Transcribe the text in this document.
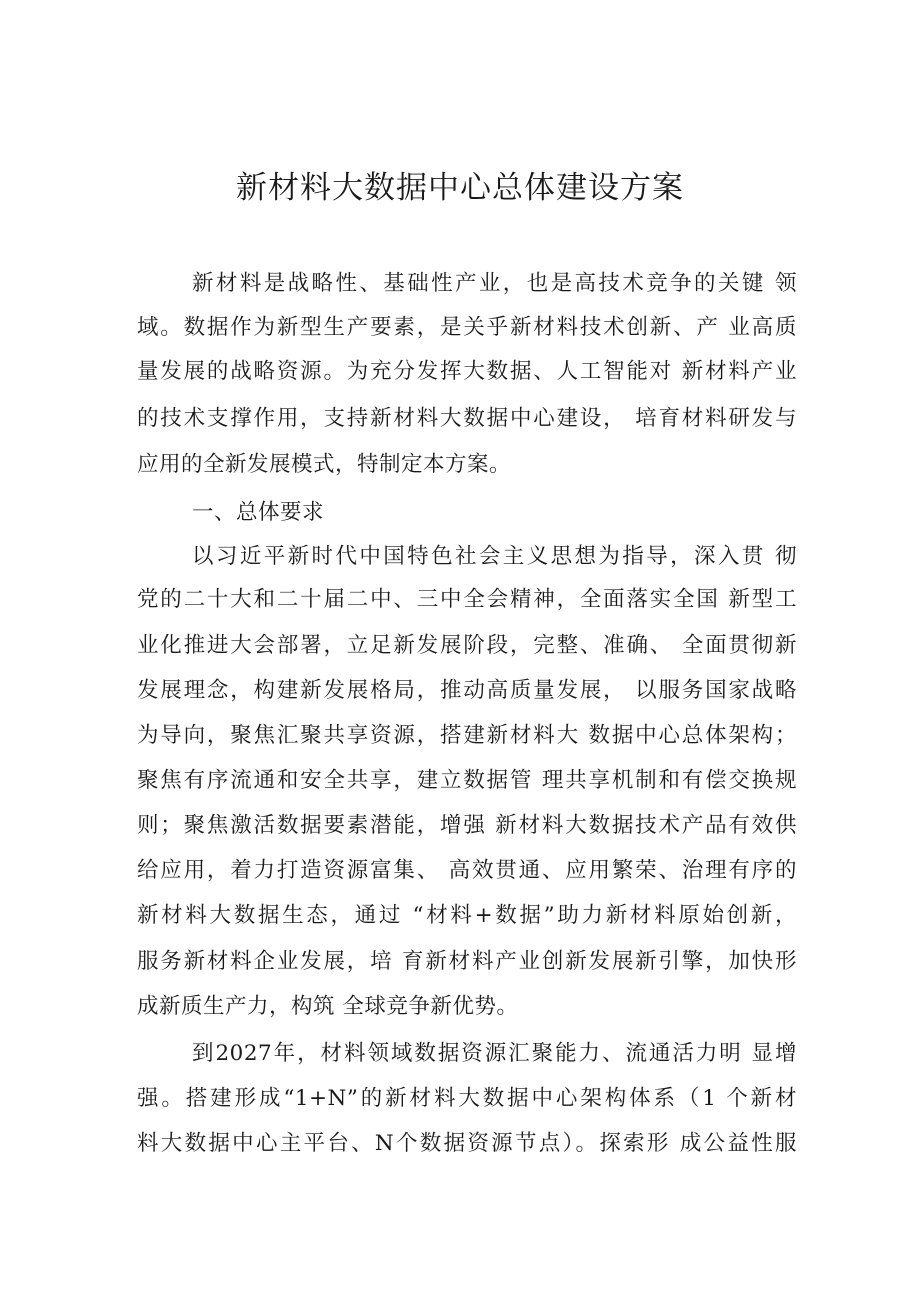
新材料大数据中心总体建设方案
新材料是战略性、基础性产业，也是高技术竞争的关键 领
域。数据作为新型生产要素，是关乎新材料技术创新、产 业高质
量发展的战略资源。为充分发挥大数据、人工智能对 新材料产业
的技术支撑作用，支持新材料大数据中心建设， 培育材料研发与
应用的全新发展模式，特制定本方案。
一、总体要求
以习近平新时代中国特色社会主义思想为指导，深入贯 彻
党的二十大和二十届二中、三中全会精神，全面落实全国 新型工
业化推进大会部署，立足新发展阶段，完整、准确、 全面贯彻新
发展理念，构建新发展格局，推动高质量发展， 以服务国家战略
为导向，聚焦汇聚共享资源，搭建新材料大 数据中心总体架构；
聚焦有序流通和安全共享，建立数据管 理共享机制和有偿交换规
则；聚焦激活数据要素潜能，增强 新材料大数据技术产品有效供
给应用，着力打造资源富集、 高效贯通、应用繁荣、治理有序的
新材料大数据生态，通过 “材料+数据”助力新材料原始创新，
服务新材料企业发展，培 育新材料产业创新发展新引擎，加快形
成新质生产力，构筑 全球竞争新优势。
到2027年，材料领域数据资源汇聚能力、流通活力明 显增
强。搭建形成“1+N”的新材料大数据中心架构体系（1 个新材
料大数据中心主平台、N个数据资源节点）。探索形 成公益性服
